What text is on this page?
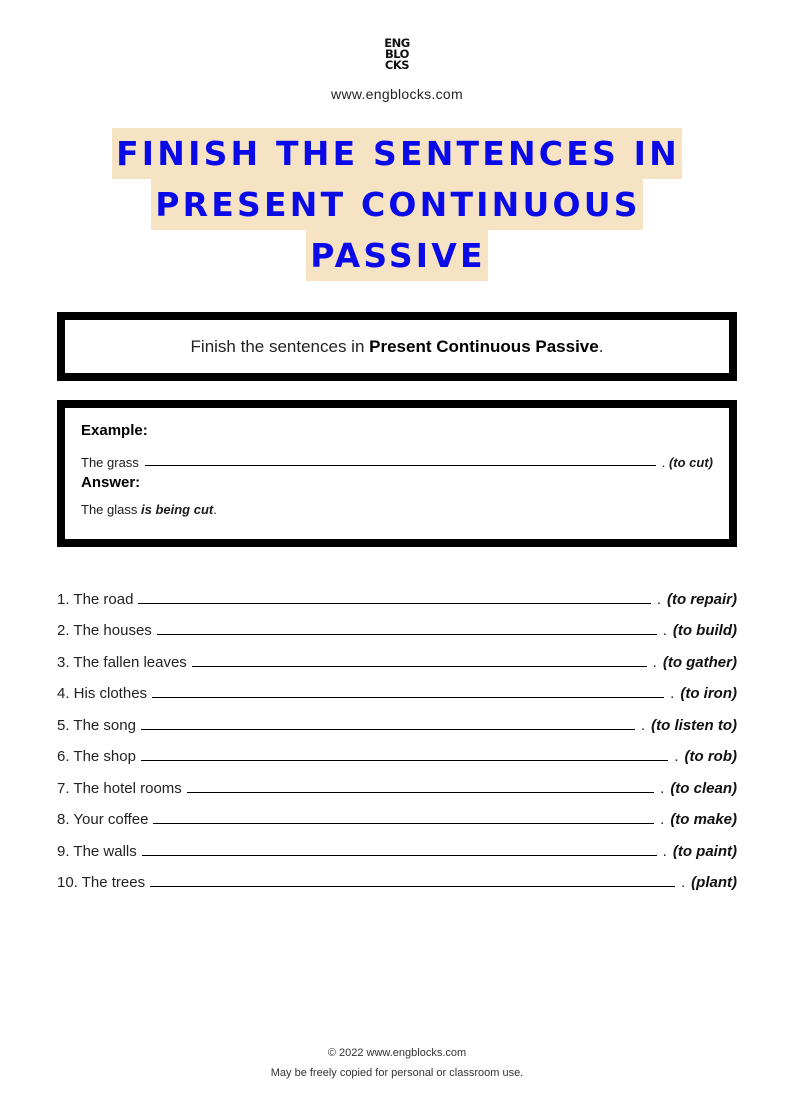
ENG
BLO
CKS
www.engblocks.com
FINISH THE SENTENCES IN
PRESENT CONTINUOUS
PASSIVE
Finish the sentences in Present Continuous Passive.
Example:
The grass	.
(to cut)
Answer:
The glass is being cut.
1. The road	. (to repair)
2. The houses	. (to build)
3. The fallen leaves	. (to gather)
4. His clothes	. (to iron)
5. The song	. (to listen to)
6. The shop	. (to rob)
7. The hotel rooms	. (to clean)
8. Your coffee	. (to make)
9. The walls	. (to paint)
10. The trees	. (plant)
© 2022 www.engblocks.com
May be freely copied for personal or classroom use.
